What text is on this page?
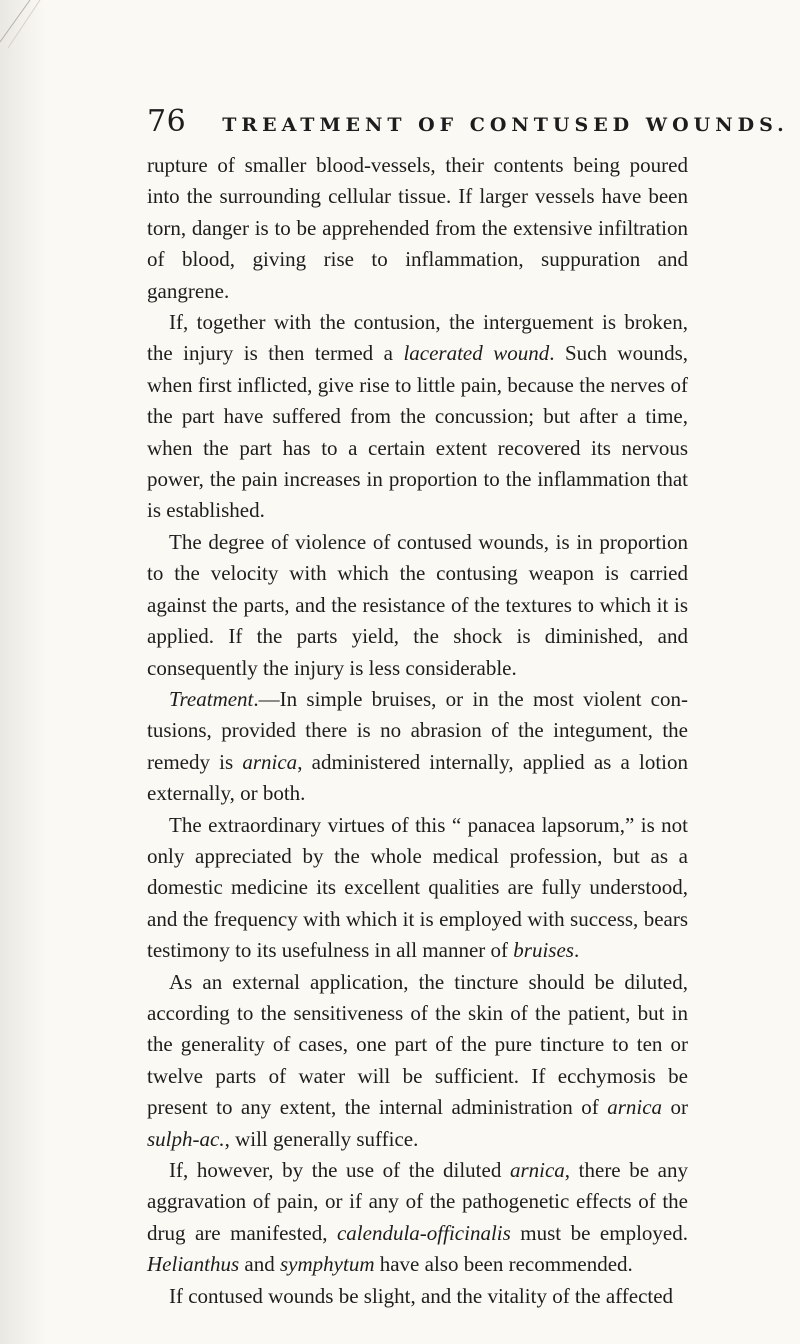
76 TREATMENT OF CONTUSED WOUNDS.

rupture of smaller blood-vessels, their contents being poured into the surrounding cellular tissue. If larger vessels have been torn, danger is to be apprehended from the extensive infiltration of blood, giving rise to inflammation, suppuration and gangrene.

If, together with the contusion, the interguement is broken, the injury is then termed a lacerated wound. Such wounds, when first inflicted, give rise to little pain, because the nerves of the part have suffered from the concussion; but after a time, when the part has to a certain extent recovered its nervous power, the pain increases in proportion to the inflammation that is established.

The degree of violence of contused wounds, is in proportion to the velocity with which the contusing weapon is carried against the parts, and the resistance of the textures to which it is applied. If the parts yield, the shock is diminished, and consequently the injury is less considerable.

Treatment.—In simple bruises, or in the most violent con- tusions, provided there is no abrasion of the integument, the remedy is arnica, administered internally, applied as a lotion externally, or both.

The extraordinary virtues of this “ panacea lapsorum,” is not only appreciated by the whole medical profession, but as a domestic medicine its excellent qualities are fully understood, and the frequency with which it is employed with success, bears testimony to its usefulness in all manner of bruises.

As an external application, the tincture should be diluted, according to the sensitiveness of the skin of the patient, but in the generality of cases, one part of the pure tincture to ten or twelve parts of water will be sufficient. If ecchymosis be present to any extent, the internal administration of arnica or sulph-ac., will generally suffice.

If, however, by the use of the diluted arnica, there be any aggravation of pain, or if any of the pathogenetic effects of the drug are manifested, calendula-officinalis must be employed. Helianthus and symphytum have also been recommended.

If contused wounds be slight, and the vitality of the affected
